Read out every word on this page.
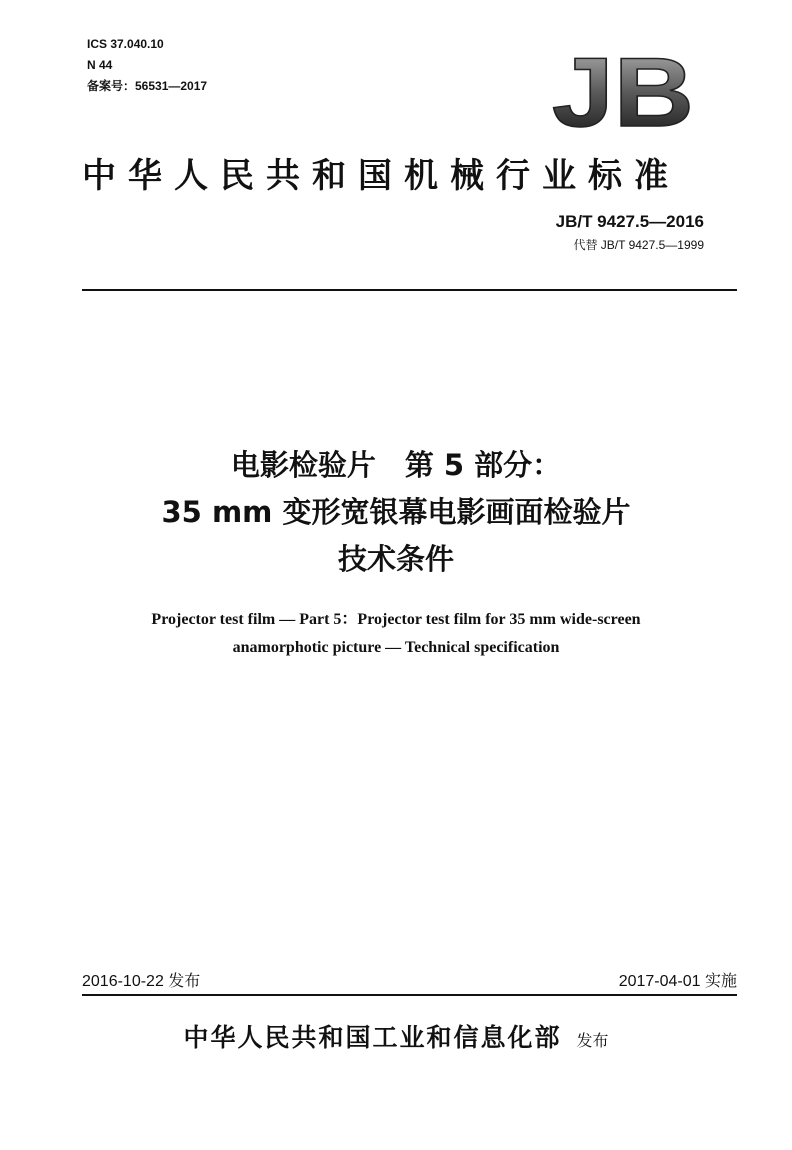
ICS 37.040.10
N 44
备案号：56531—2017	JB
中华人民共和国机械行业标准
JB/T 9427.5—2016
代替 JB/T 9427.5—1999
电影检验片　第 5 部分：
35 mm 变形宽银幕电影画面检验片
技术条件
Projector test film — Part 5：Projector test film for 35 mm wide-screen
anamorphotic picture — Technical specification
2016-10-22 发布	2017-04-01 实施
中华人民共和国工业和信息化部 发布
